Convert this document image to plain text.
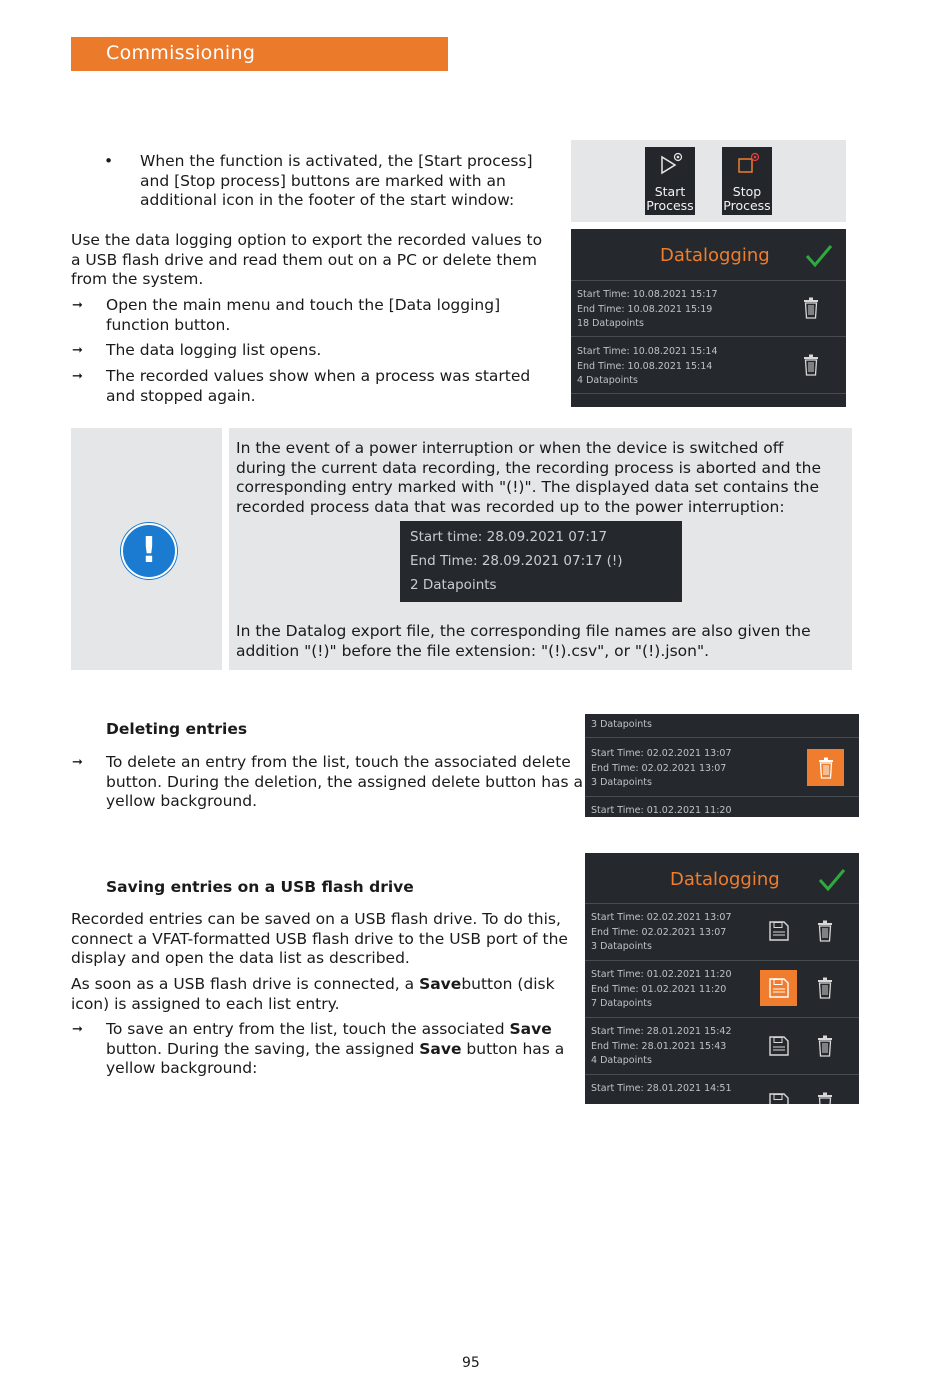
Commissioning
• When the function is activated, the [Start process]
and [Stop process] buttons are marked with an
additional icon in the footer of the start window:
Use the data logging option to export the recorded values to
a USB flash drive and read them out on a PC or delete them
from the system.
➞ Open the main menu and touch the [Data logging]
function button.
➞ The data logging list opens.
➞ The recorded values show when a process was started
and stopped again.
Start
Process
Stop
Process
Datalogging
Start Time: 10.08.2021 15:17
End Time: 10.08.2021 15:19
18 Datapoints
Start Time: 10.08.2021 15:14
End Time: 10.08.2021 15:14
4 Datapoints
!
In the event of a power interruption or when the device is switched off
during the current data recording, the recording process is aborted and the
corresponding entry marked with "(!)". The displayed data set contains the
recorded process data that was recorded up to the power interruption:
Start time: 28.09.2021 07:17
End Time: 28.09.2021 07:17 (!)
2 Datapoints
In the Datalog export file, the corresponding file names are also given the
addition "(!)" before the file extension: "(!).csv", or "(!).json".
Deleting entries
➞ To delete an entry from the list, touch the associated delete
button. During the deletion, the assigned delete button has a
yellow background.
3 Datapoints
Start Time: 02.02.2021 13:07
End Time: 02.02.2021 13:07
3 Datapoints
Start Time: 01.02.2021 11:20
Saving entries on a USB flash drive
Recorded entries can be saved on a USB flash drive. To do this,
connect a VFAT-formatted USB flash drive to the USB port of the
display and open the data list as described.
As soon as a USB flash drive is connected, a Savebutton (disk
icon) is assigned to each list entry.
➞ To save an entry from the list, touch the associated Save
button. During the saving, the assigned Save button has a
yellow background:
Datalogging
Start Time: 02.02.2021 13:07
End Time: 02.02.2021 13:07
3 Datapoints
Start Time: 01.02.2021 11:20
End Time: 01.02.2021 11:20
7 Datapoints
Start Time: 28.01.2021 15:42
End Time: 28.01.2021 15:43
4 Datapoints
Start Time: 28.01.2021 14:51
95
